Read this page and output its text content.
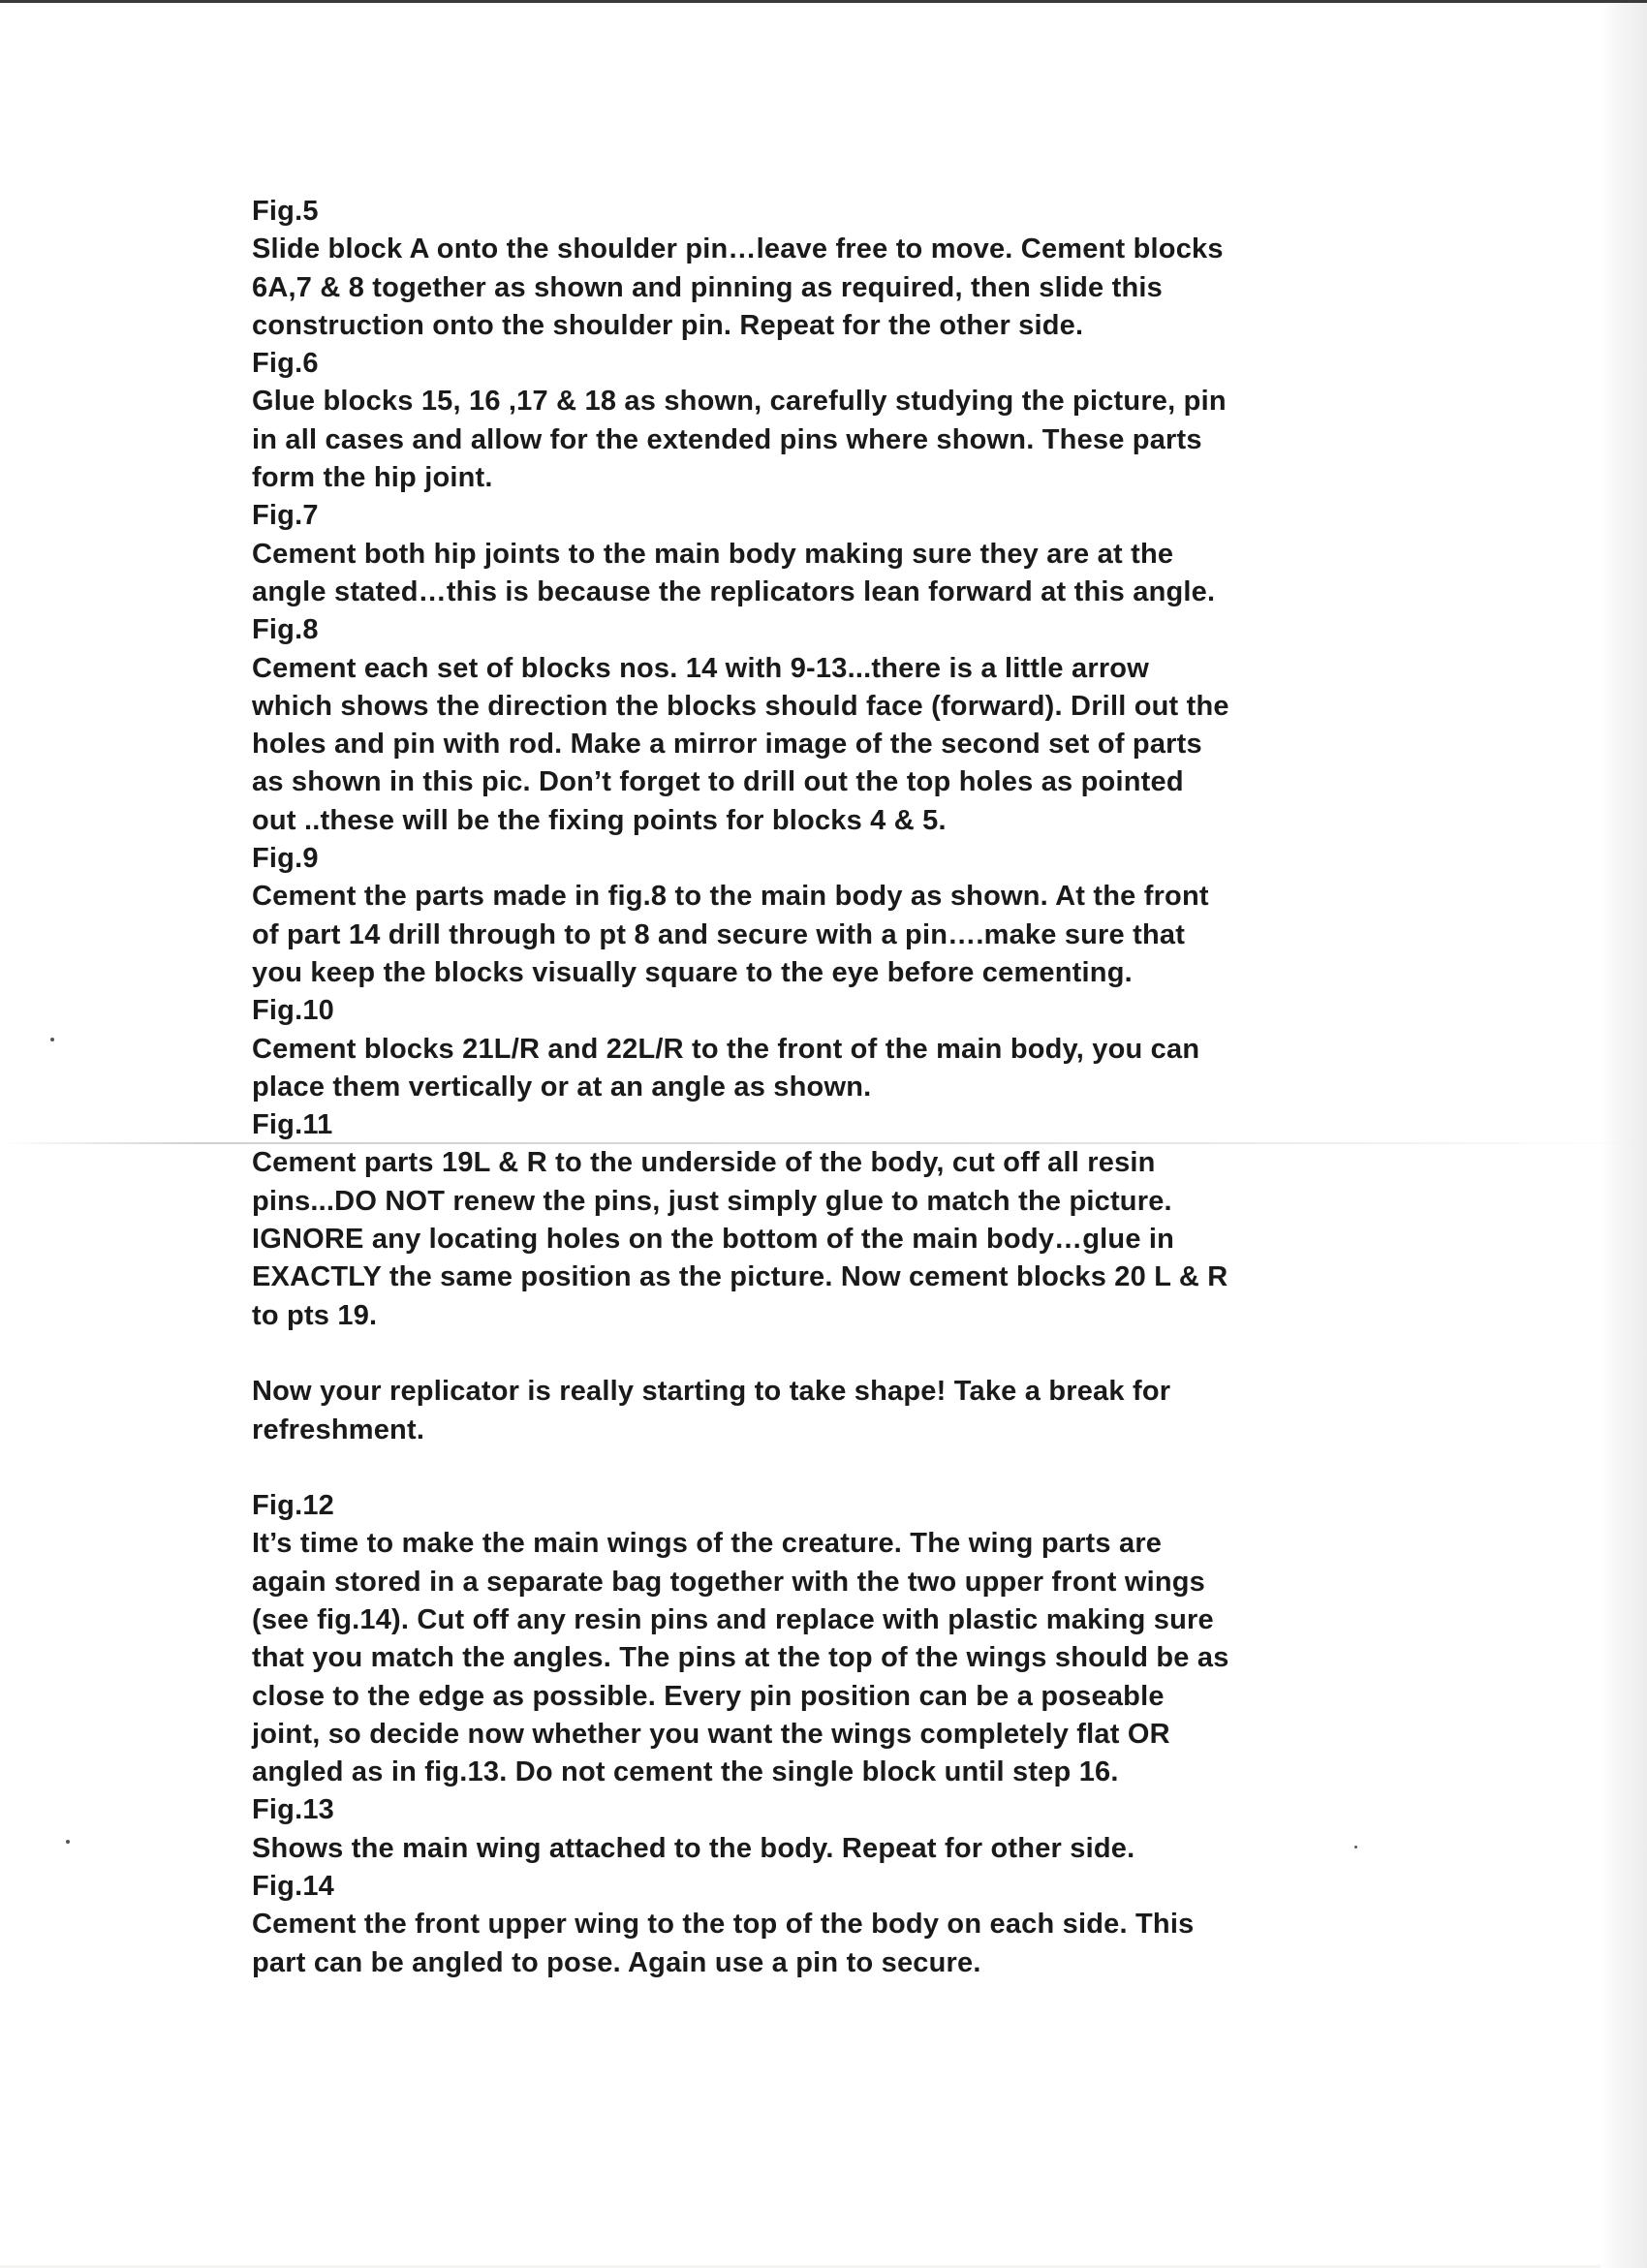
Fig.5

Slide block A onto the shoulder pin…leave free to move. Cement blocks
6A,7 & 8 together as shown and pinning as required, then slide this
construction onto the shoulder pin. Repeat for the other side.

Fig.6

Glue blocks 15, 16 ,17 & 18 as shown, carefully studying the picture, pin
in all cases and allow for the extended pins where shown. These parts
form the hip joint.

Fig.7

Cement both hip joints to the main body making sure they are at the
angle stated…this is because the replicators lean forward at this angle.

Fig.8

Cement each set of blocks nos. 14 with 9-13...there is a little arrow
which shows the direction the blocks should face (forward). Drill out the
holes and pin with rod. Make a mirror image of the second set of parts
as shown in this pic. Don’t forget to drill out the top holes as pointed
out ..these will be the fixing points for blocks 4 & 5.

Fig.9

Cement the parts made in fig.8 to the main body as shown. At the front
of part 14 drill through to pt 8 and secure with a pin….make sure that
you keep the blocks visually square to the eye before cementing.

Fig.10

Cement blocks 21L/R and 22L/R to the front of the main body, you can
place them vertically or at an angle as shown.

Fig.11

Cement parts 19L & R to the underside of the body, cut off all resin
pins...DO NOT renew the pins, just simply glue to match the picture.
IGNORE any locating holes on the bottom of the main body…glue in
EXACTLY the same position as the picture. Now cement blocks 20 L & R
to pts 19.

Now your replicator is really starting to take shape! Take a break for
refreshment.

Fig.12

It’s time to make the main wings of the creature. The wing parts are
again stored in a separate bag together with the two upper front wings
(see fig.14). Cut off any resin pins and replace with plastic making sure
that you match the angles. The pins at the top of the wings should be as
close to the edge as possible. Every pin position can be a poseable
joint, so decide now whether you want the wings completely flat OR
angled as in fig.13. Do not cement the single block until step 16.

Fig.13

Shows the main wing attached to the body. Repeat for other side.

Fig.14

Cement the front upper wing to the top of the body on each side. This
part can be angled to pose. Again use a pin to secure.
